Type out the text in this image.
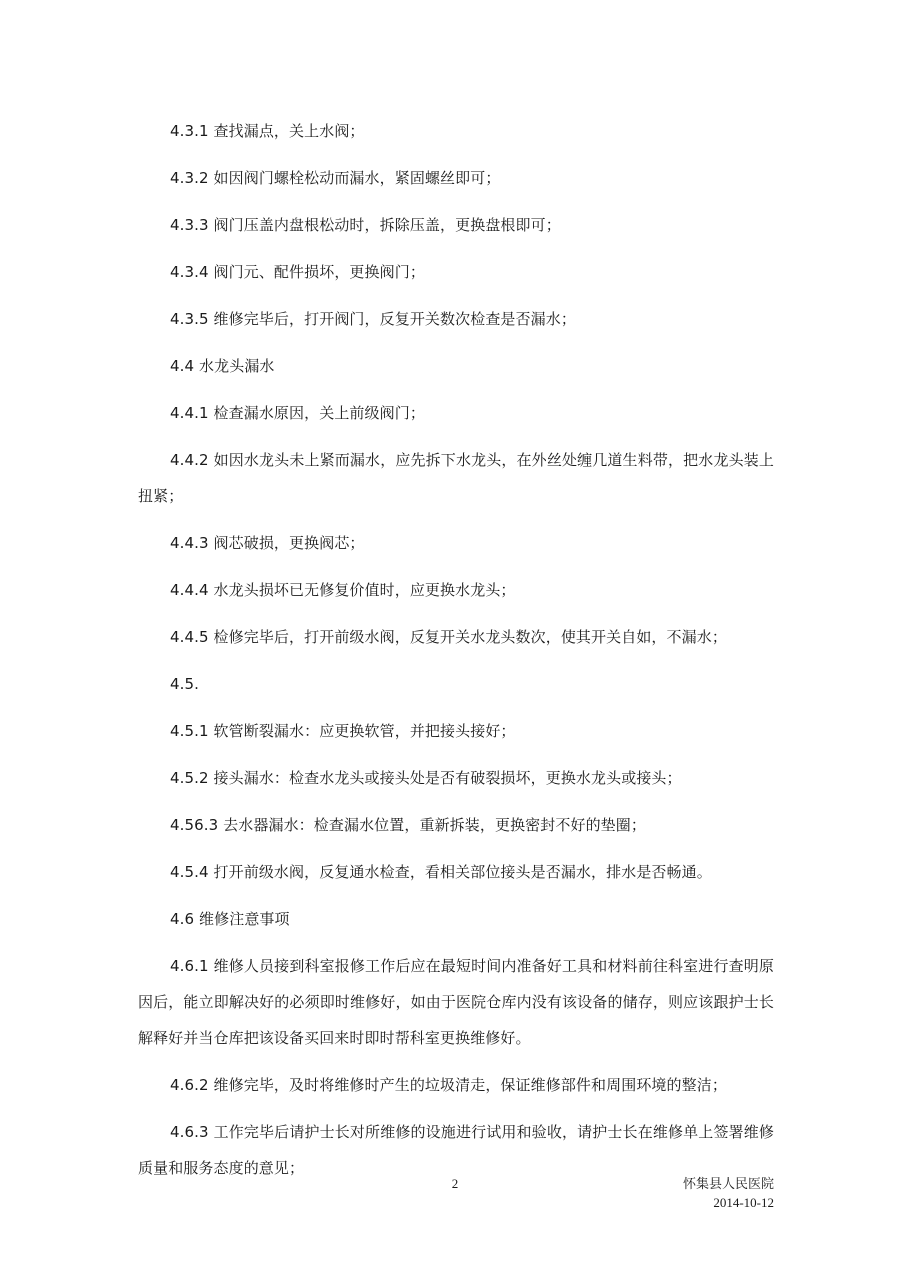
4.3.1 查找漏点，关上水阀；

4.3.2 如因阀门螺栓松动而漏水，紧固螺丝即可；

4.3.3 阀门压盖内盘根松动时，拆除压盖，更换盘根即可；

4.3.4 阀门元、配件损坏，更换阀门；

4.3.5 维修完毕后，打开阀门，反复开关数次检查是否漏水；

4.4 水龙头漏水

4.4.1 检查漏水原因，关上前级阀门；

4.4.2 如因水龙头未上紧而漏水，应先拆下水龙头，在外丝处缠几道生料带，把水龙头装上扭紧；

4.4.3 阀芯破损，更换阀芯；

4.4.4 水龙头损坏已无修复价值时，应更换水龙头；

4.4.5 检修完毕后，打开前级水阀，反复开关水龙头数次，使其开关自如，不漏水；

4.5.

4.5.1 软管断裂漏水：应更换软管，并把接头接好；

4.5.2 接头漏水：检查水龙头或接头处是否有破裂损坏，更换水龙头或接头；

4.56.3 去水器漏水：检查漏水位置，重新拆装，更换密封不好的垫圈；

4.5.4 打开前级水阀，反复通水检查，看相关部位接头是否漏水，排水是否畅通。

4.6 维修注意事项

4.6.1 维修人员接到科室报修工作后应在最短时间内准备好工具和材料前往科室进行查明原因后，能立即解决好的必须即时维修好，如由于医院仓库内没有该设备的储存，则应该跟护士长解释好并当仓库把该设备买回来时即时帮科室更换维修好。

4.6.2 维修完毕，及时将维修时产生的垃圾清走，保证维修部件和周围环境的整洁；

4.6.3 工作完毕后请护士长对所维修的设施进行试用和验收，请护士长在维修单上签署维修质量和服务态度的意见；

2	怀集县人民医院
2014-10-12
